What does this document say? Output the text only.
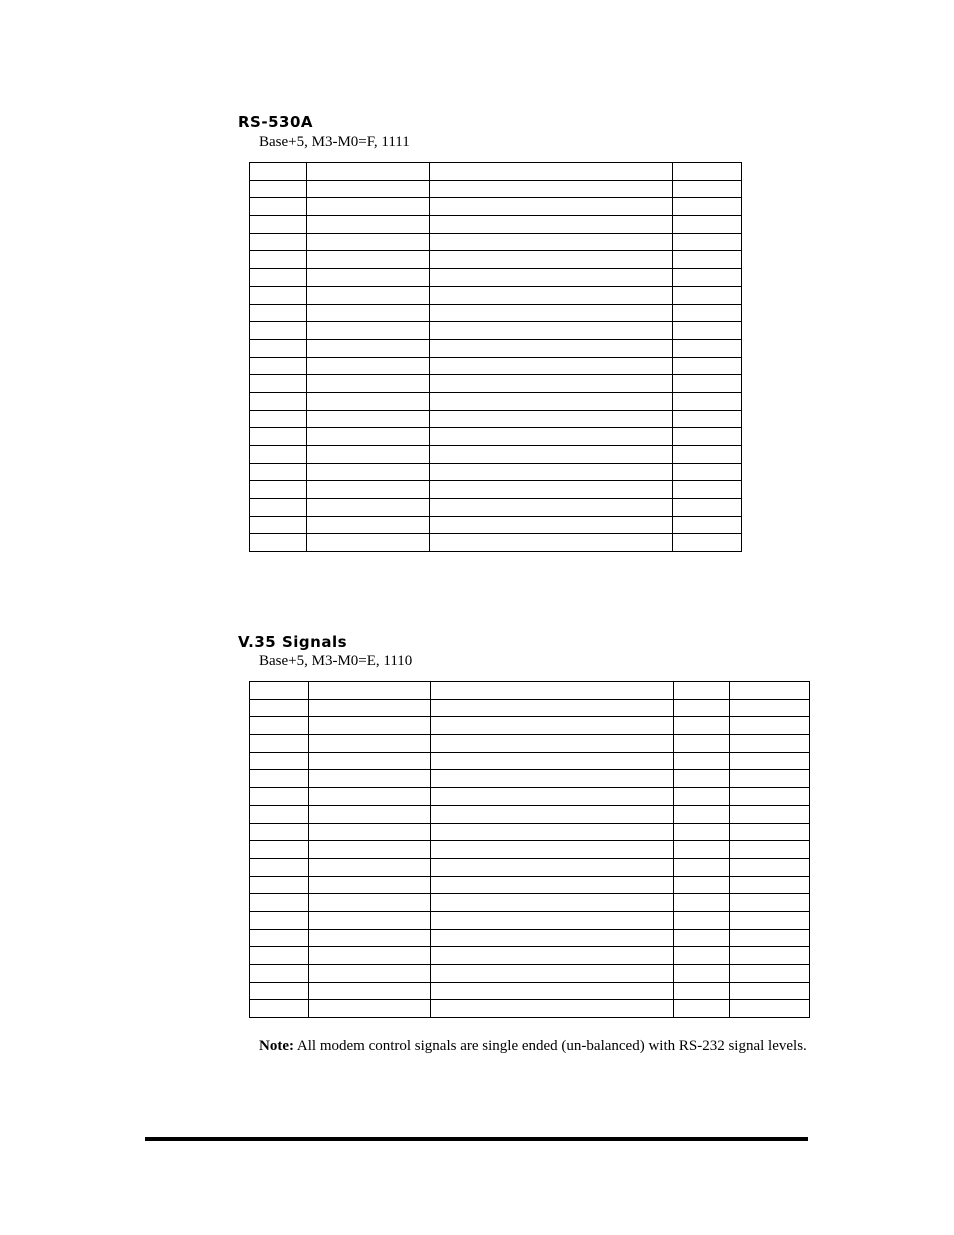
RS-530A

Base+5, M3-M0=F, 1111

V.35 Signals

Base+5, M3-M0=E, 1110

Note: All modem control signals are single ended (un-balanced) with RS-232 signal levels.
